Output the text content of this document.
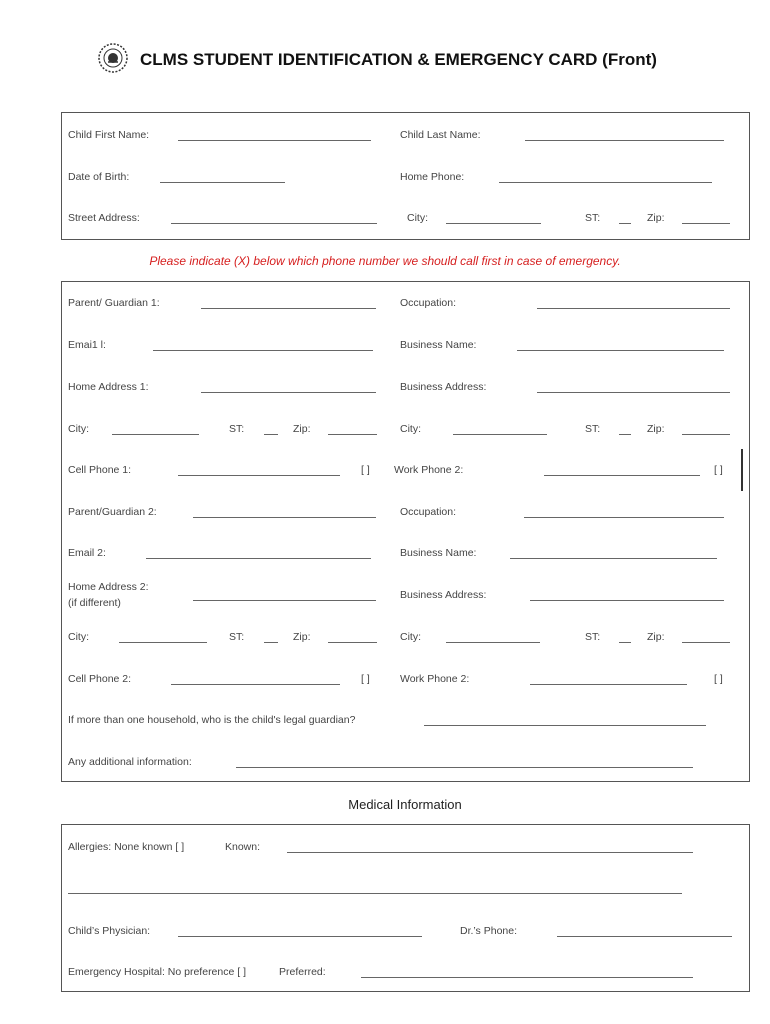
CLMS STUDENT IDENTIFICATION & EMERGENCY CARD (Front)
Child First Name:	Child Last Name:
Date of Birth:	Home Phone:
Street Address:	City:	ST:	Zip:
Please indicate (X) below which phone number we should call first in case of emergency.
Parent/ Guardian 1:	Occupation:
Emai1 l:	Business Name:
Home Address 1:	Business Address:
City:	ST:	Zip:	City:	ST:	Zip:
Cell Phone 1:	[ ] Work Phone 2:	[ ]
Parent/Guardian 2:	Occupation:
Email 2:	Business Name:
Home Address 2:
(if different)
Business Address:
City:	ST:	Zip:	City:	ST:	Zip:
Cell Phone 2:	[ ]	Work Phone 2:	[ ]
If more than one household, who is the child's legal guardian?
Any additional information:
Medical Information
Allergies: None known [ ]	Known:
Child’s Physician:	Dr.’s Phone:
Emergency Hospital: No preference [ ]	Preferred:
